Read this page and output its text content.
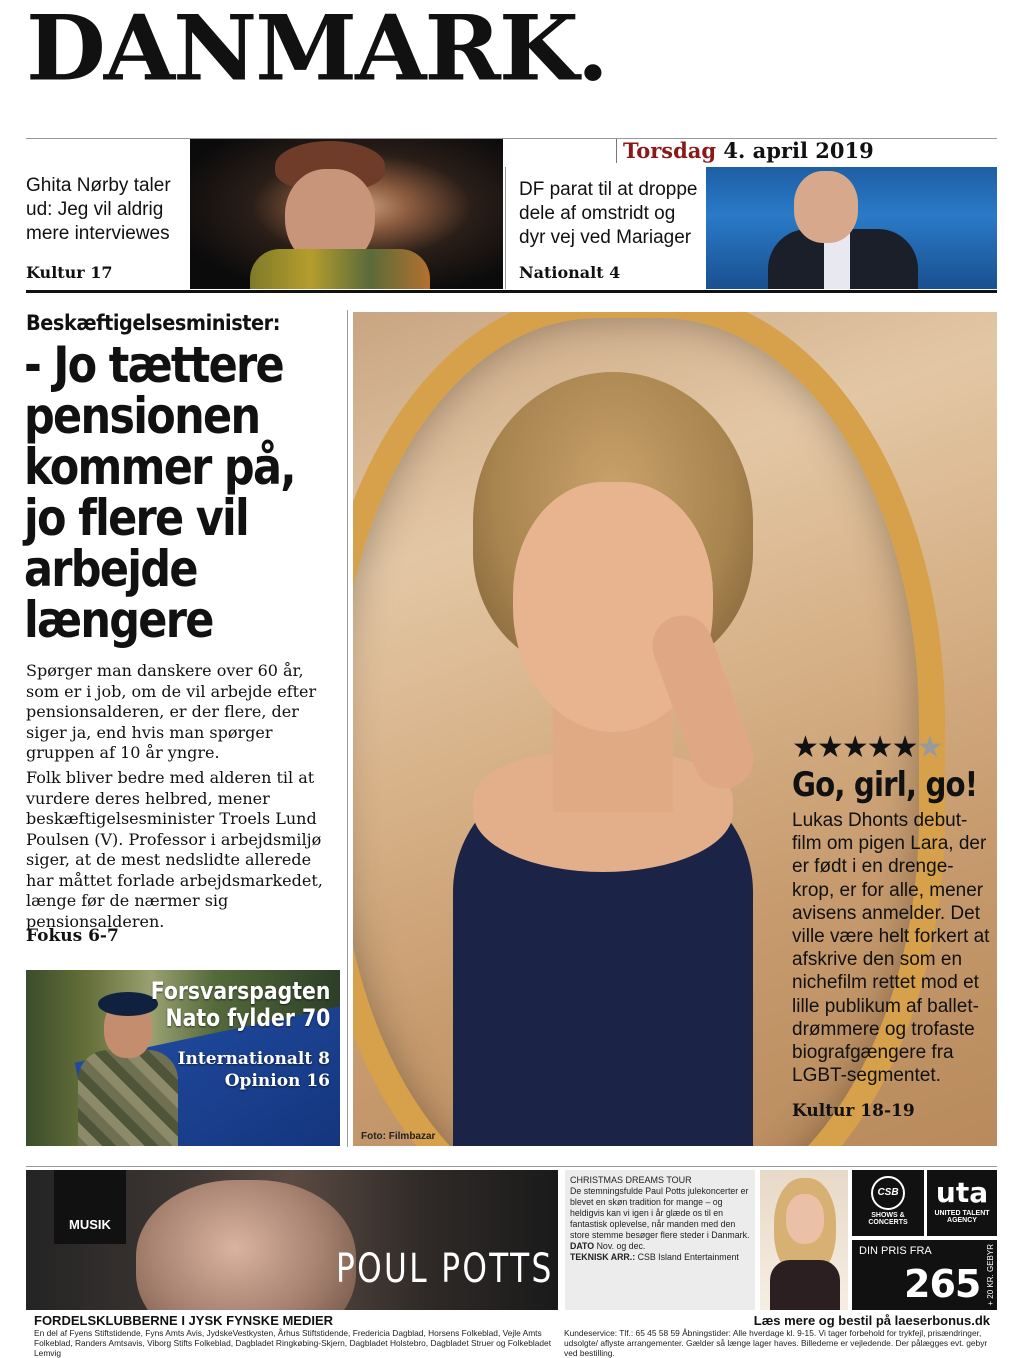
DANMARK.
Torsdag 4. april 2019
Ghita Nørby taler ud: Jeg vil aldrig mere interviewes
Kultur 17
DF parat til at droppe dele af omstridt og dyr vej ved Mariager
Nationalt 4
Beskæftigelsesminister:
- Jo tættere pensionen kommer på, jo flere vil arbejde længere
Spørger man danskere over 60 år, som er i job, om de vil arbejde efter pensionsalderen, er der flere, der siger ja, end hvis man spørger gruppen af 10 år yngre.
Folk bliver bedre med alderen til at vurdere deres helbred, mener beskæftigelsesminister Troels Lund Poulsen (V). Professor i arbejdsmiljø siger, at de mest nedslidte allerede har måttet forlade arbejdsmarkedet, længe før de nærmer sig pensionsalderen.
Fokus 6-7
Forsvarspagten
Nato fylder 70
Internationalt 8
Opinion 16
Foto: Filmbazar
★★★★★★
Go, girl, go!
Lukas Dhonts debut-film om pigen Lara, der er født i en drenge-krop, er for alle, mener avisens anmelder. Det ville være helt forkert at afskrive den som en nichefilm rettet mod et lille publikum af ballet-drømmere og trofaste biografgængere fra LGBT-segmentet.
Kultur 18-19
MUSIK
POUL POTTS
CHRISTMAS DREAMS TOUR
De stemningsfulde Paul Potts julekoncerter er blevet en skøn tradition for mange – og heldigvis kan vi igen i år glæde os til en fantastisk oplevelse, når manden med den store stemme besøger flere steder i Danmark.
DATO Nov. og dec.
TEKNISK ARR.: CSB Island Entertainment
CSB
SHOWS & CONCERTS
uta
UNITED TALENT AGENCY
DIN PRIS FRA
265 + 20 KR. GEBYR
FORDELSKLUBBERNE I JYSK FYNSKE MEDIER
En del af Fyens Stiftstidende, Fyns Amts Avis, JydskeVestkysten, Århus Stiftstidende, Fredericia Dagblad, Horsens Folkeblad, Vejle Amts Folkeblad, Randers Amtsavis, Viborg Stifts Folkeblad, Dagbladet Ringkøbing-Skjern, Dagbladet Holstebro, Dagbladet Struer og Folkebladet Lemvig
Læs mere og bestil på laeserbonus.dk
Kundeservice: Tlf.: 65 45 58 59 Åbningstider: Alle hverdage kl. 9-15. Vi tager forbehold for trykfejl, prisændringer, udsolgte/ aflyste arrangementer. Gælder så længe lager haves. Billederne er vejledende. Der pålægges evt. gebyr ved bestilling.
